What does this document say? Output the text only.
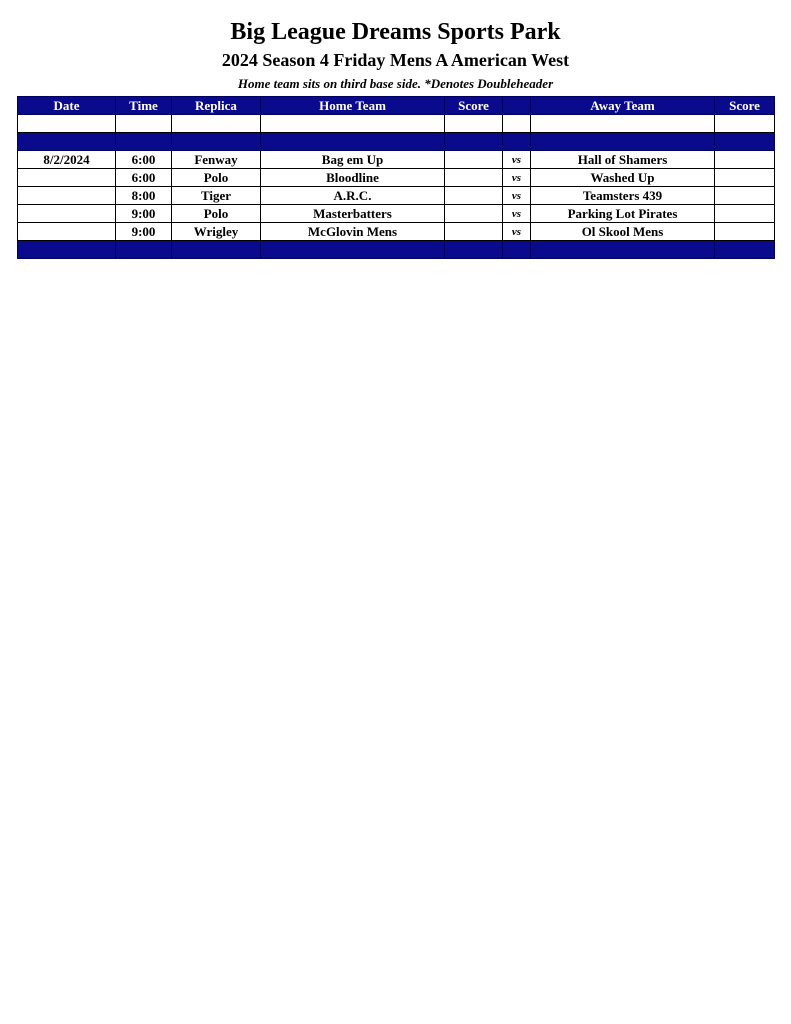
Big League Dreams Sports Park
2024 Season 4 Friday Mens A American West
Home team sits on third base side. *Denotes Doubleheader
Date	Time	Replica	Home Team	Score		Away Team	Score

8/2/2024	6:00	Fenway	Bag em Up		vs	Hall of Shamers	
	6:00	Polo	Bloodline		vs	Washed Up	
	8:00	Tiger	A.R.C.		vs	Teamsters 439	
	9:00	Polo	Masterbatters		vs	Parking Lot Pirates	
	9:00	Wrigley	McGlovin Mens		vs	Ol Skool Mens	
